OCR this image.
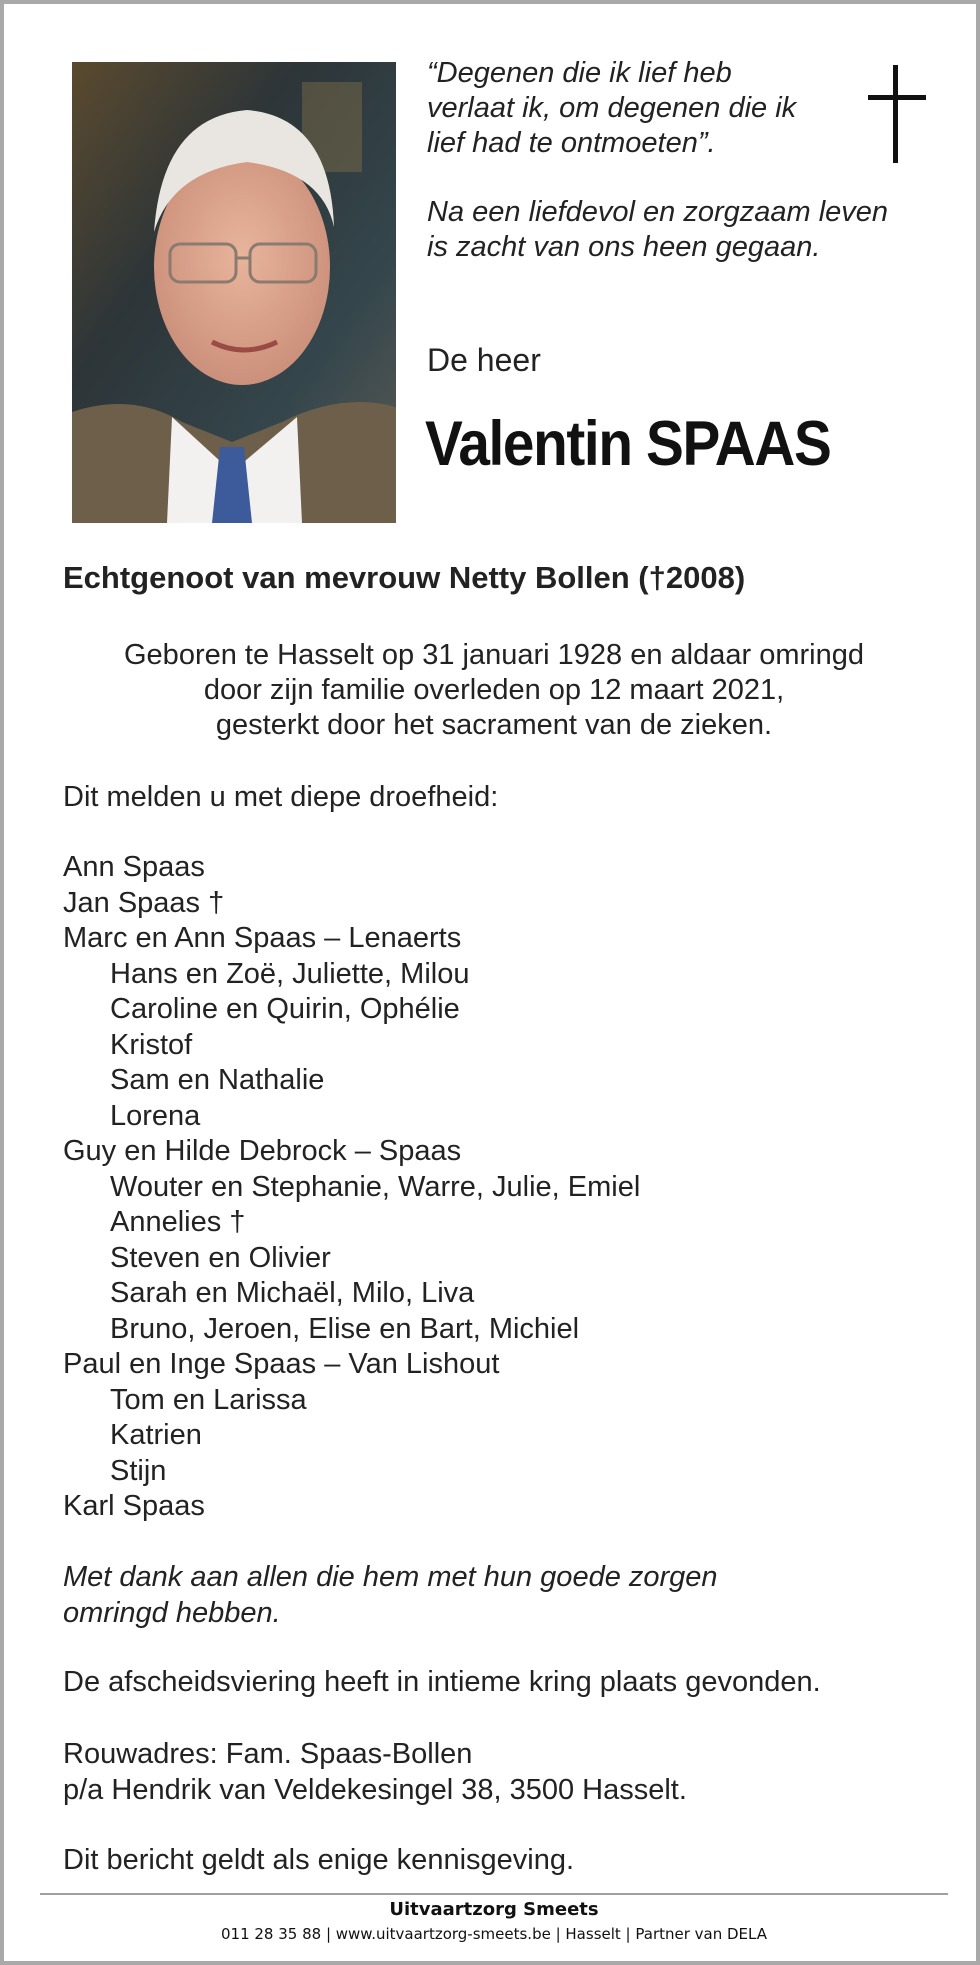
“Degenen die ik lief heb
verlaat ik, om degenen die ik
lief had te ontmoeten”.

Na een liefdevol en zorgzaam leven
is zacht van ons heen gegaan.

De heer
Valentin SPAAS
Echtgenoot van mevrouw Netty Bollen (†2008)

Geboren te Hasselt op 31 januari 1928 en aldaar omringd
door zijn familie overleden op 12 maart 2021,
gesterkt door het sacrament van de zieken.

Dit melden u met diepe droefheid:
Ann Spaas
Jan Spaas †
Marc en Ann Spaas – Lenaerts
Hans en Zoë, Juliette, Milou
Caroline en Quirin, Ophélie
Kristof
Sam en Nathalie
Lorena
Guy en Hilde Debrock – Spaas
Wouter en Stephanie, Warre, Julie, Emiel
Annelies †
Steven en Olivier
Sarah en Michaël, Milo, Liva
Bruno, Jeroen, Elise en Bart, Michiel
Paul en Inge Spaas – Van Lishout
Tom en Larissa
Katrien
Stijn
Karl Spaas

Met dank aan allen die hem met hun goede zorgen
omringd hebben.

De afscheidsviering heeft in intieme kring plaats gevonden.

Rouwadres: Fam. Spaas-Bollen
p/a Hendrik van Veldekesingel 38, 3500 Hasselt.

Dit bericht geldt als enige kennisgeving.
Uitvaartzorg Smeets
011 28 35 88 | www.uitvaartzorg-smeets.be | Hasselt | Partner van DELA
